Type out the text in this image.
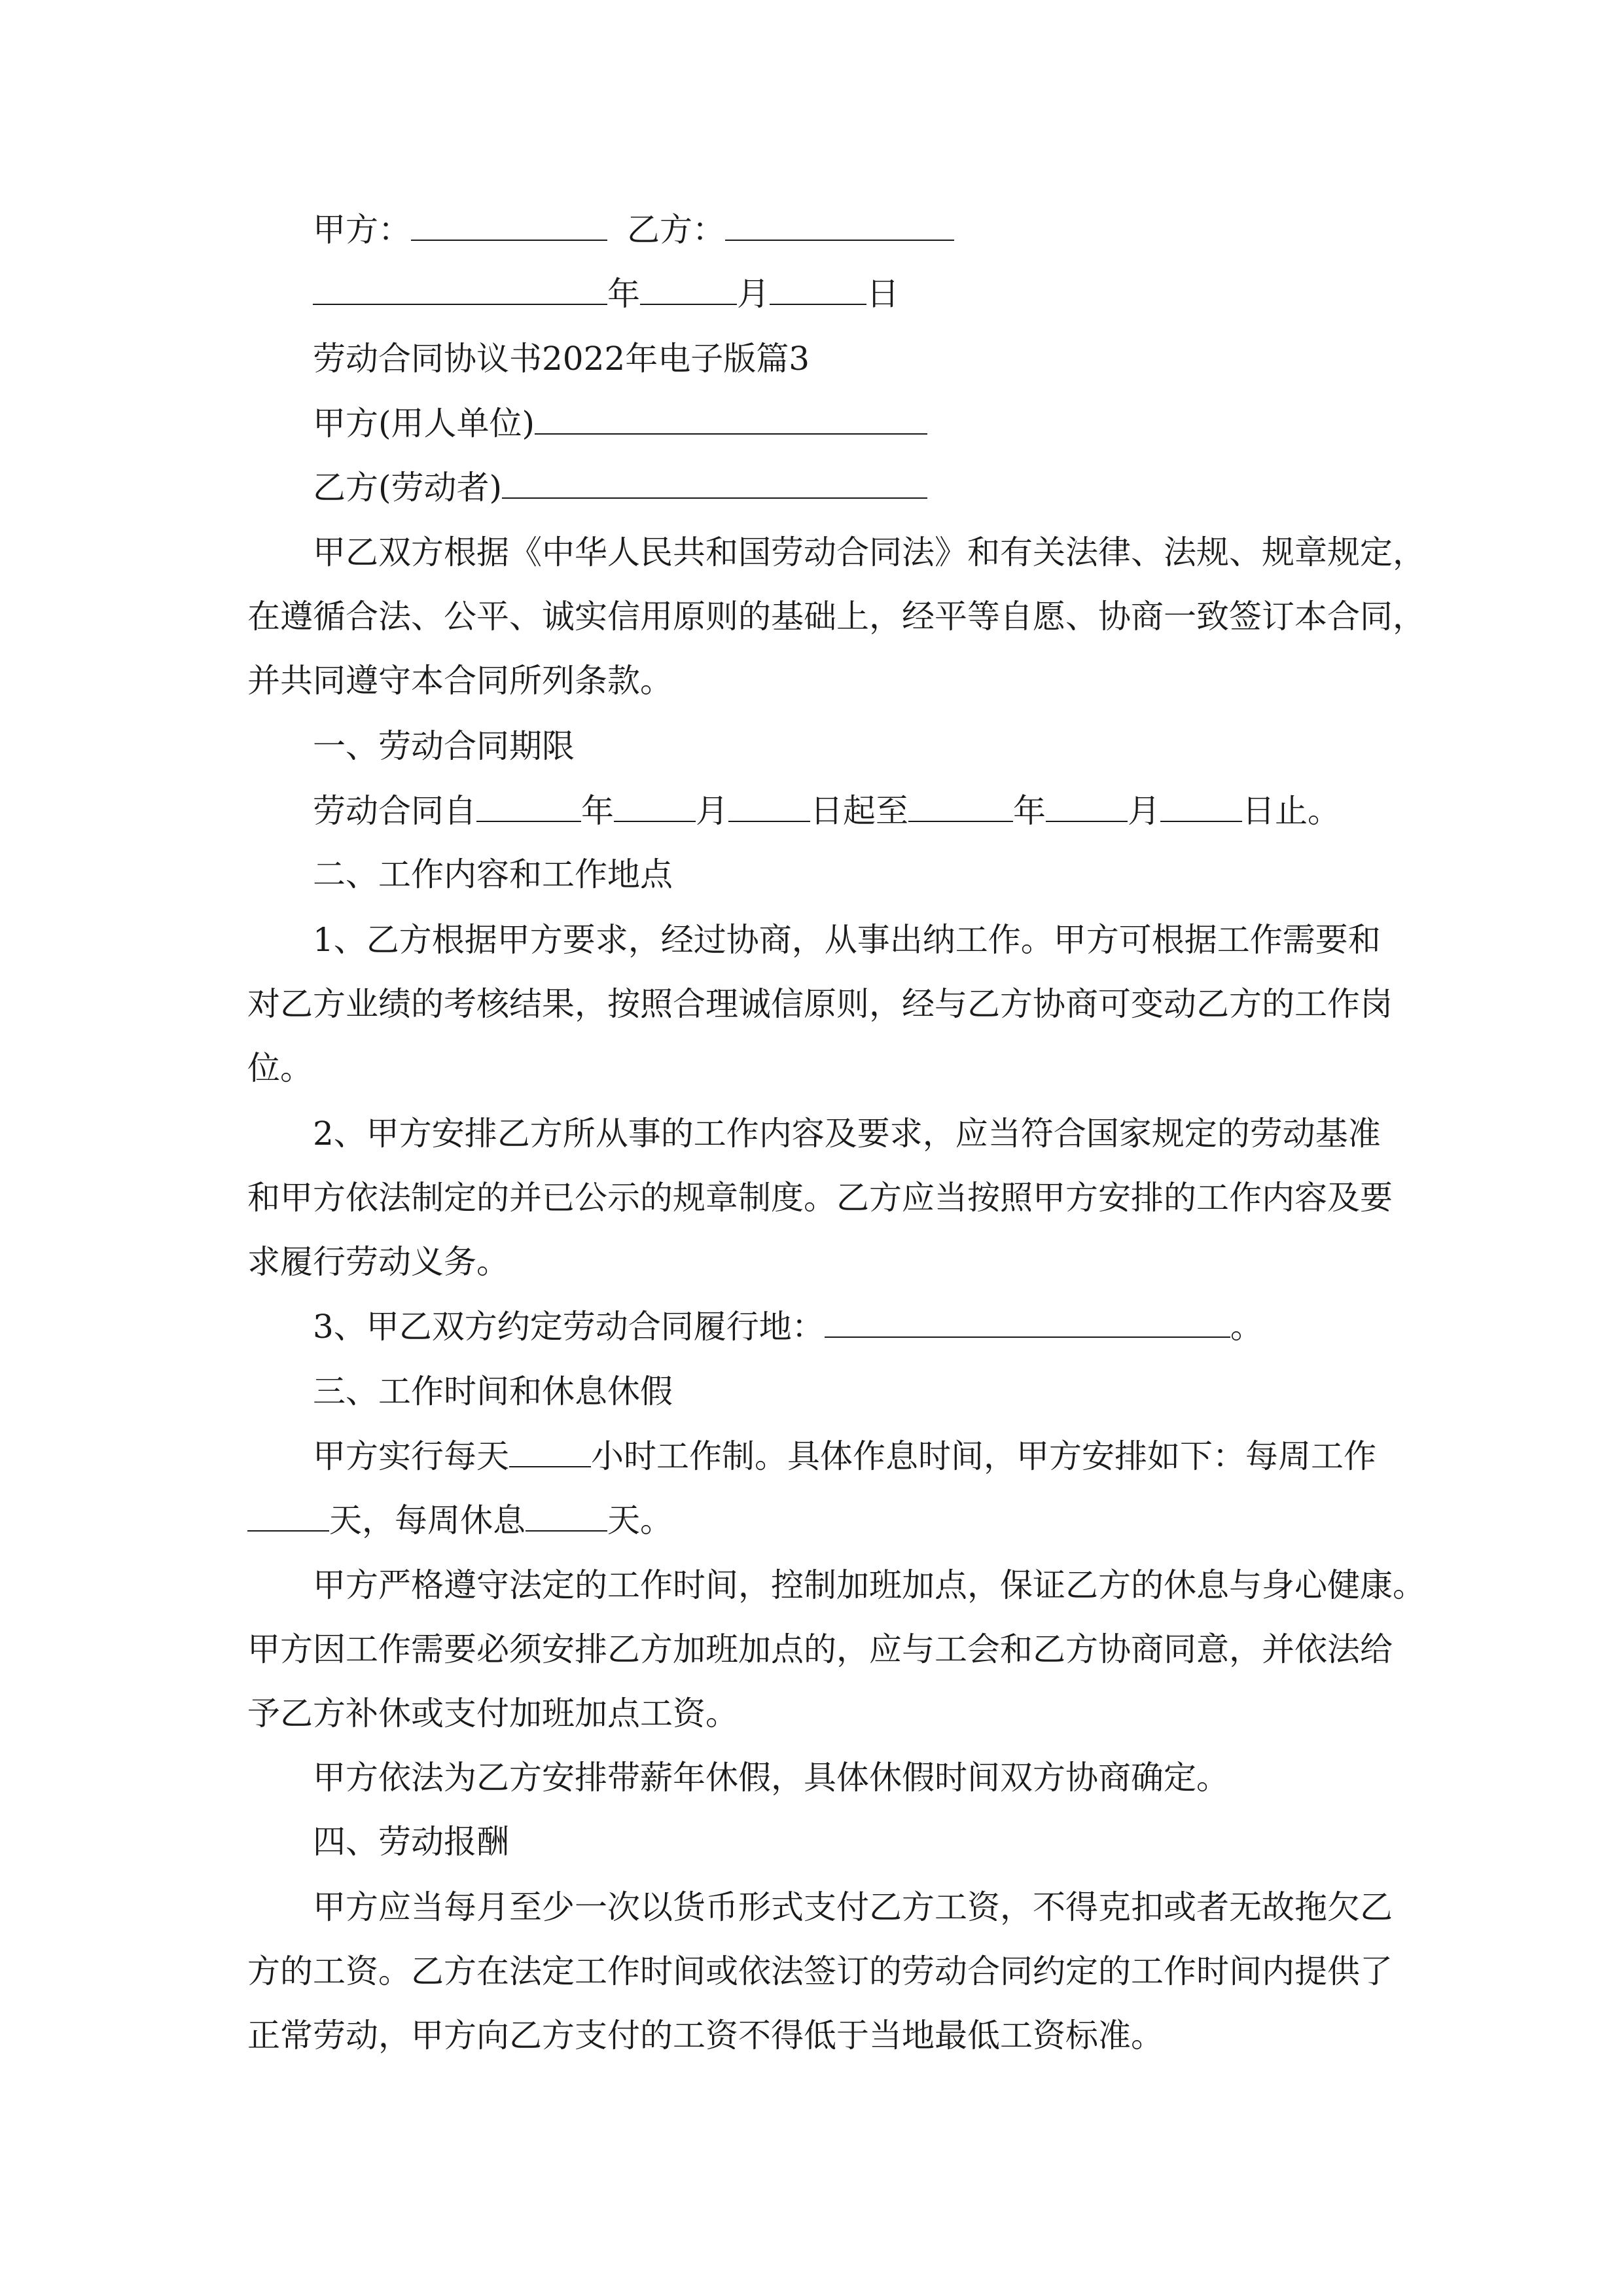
甲方：	乙方：
年	月	日
劳动合同协议书2022年电子版篇3
甲方(用人单位)
乙方(劳动者)
甲乙双方根据《中华人民共和国劳动合同法》和有关法律、法规、规章规定，
在遵循合法、公平、诚实信用原则的基础上，经平等自愿、协商一致签订本合同，
并共同遵守本合同所列条款。
一、劳动合同期限
劳动合同自	年	月	日起至	年	月	日止。
二、工作内容和工作地点
1、乙方根据甲方要求，经过协商，从事出纳工作。甲方可根据工作需要和
对乙方业绩的考核结果，按照合理诚信原则，经与乙方协商可变动乙方的工作岗
位。
2、甲方安排乙方所从事的工作内容及要求，应当符合国家规定的劳动基准
和甲方依法制定的并已公示的规章制度。乙方应当按照甲方安排的工作内容及要
求履行劳动义务。
3、甲乙双方约定劳动合同履行地：	。
三、工作时间和休息休假
甲方实行每天	小时工作制。具体作息时间，甲方安排如下：每周工作
天，每周休息	天。
甲方严格遵守法定的工作时间，控制加班加点，保证乙方的休息与身心健康。
甲方因工作需要必须安排乙方加班加点的，应与工会和乙方协商同意，并依法给
予乙方补休或支付加班加点工资。
甲方依法为乙方安排带薪年休假，具体休假时间双方协商确定。
四、劳动报酬
甲方应当每月至少一次以货币形式支付乙方工资，不得克扣或者无故拖欠乙
方的工资。乙方在法定工作时间或依法签订的劳动合同约定的工作时间内提供了
正常劳动，甲方向乙方支付的工资不得低于当地最低工资标准。
